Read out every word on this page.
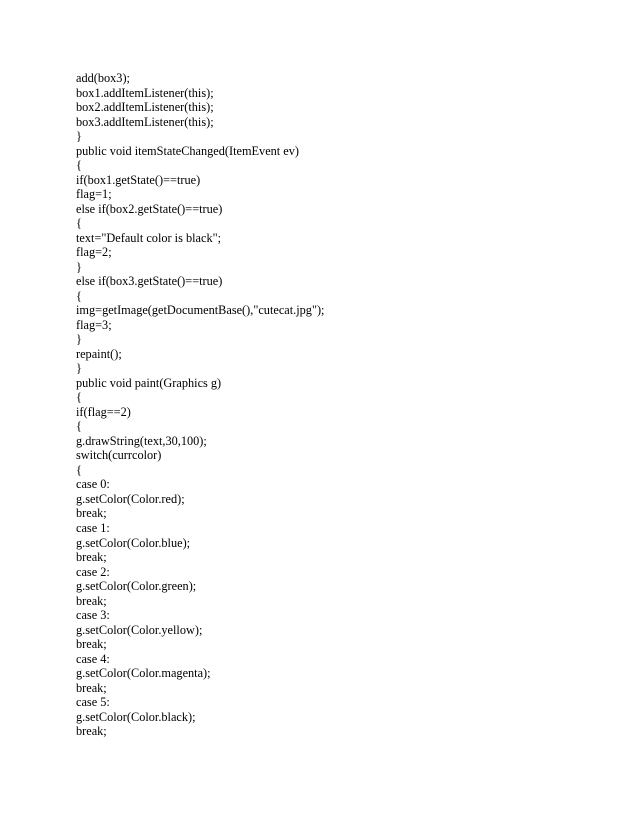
add(box3);
box1.addItemListener(this);
box2.addItemListener(this);
box3.addItemListener(this);
}
public void itemStateChanged(ItemEvent ev)
{
if(box1.getState()==true)
flag=1;
else if(box2.getState()==true)
{
text="Default color is black";
flag=2;
}
else if(box3.getState()==true)
{
img=getImage(getDocumentBase(),"cutecat.jpg");
flag=3;
}
repaint();
}
public void paint(Graphics g)
{
if(flag==2)
{
g.drawString(text,30,100);
switch(currcolor)
{
case 0:
g.setColor(Color.red);
break;
case 1:
g.setColor(Color.blue);
break;
case 2:
g.setColor(Color.green);
break;
case 3:
g.setColor(Color.yellow);
break;
case 4:
g.setColor(Color.magenta);
break;
case 5:
g.setColor(Color.black);
break;
